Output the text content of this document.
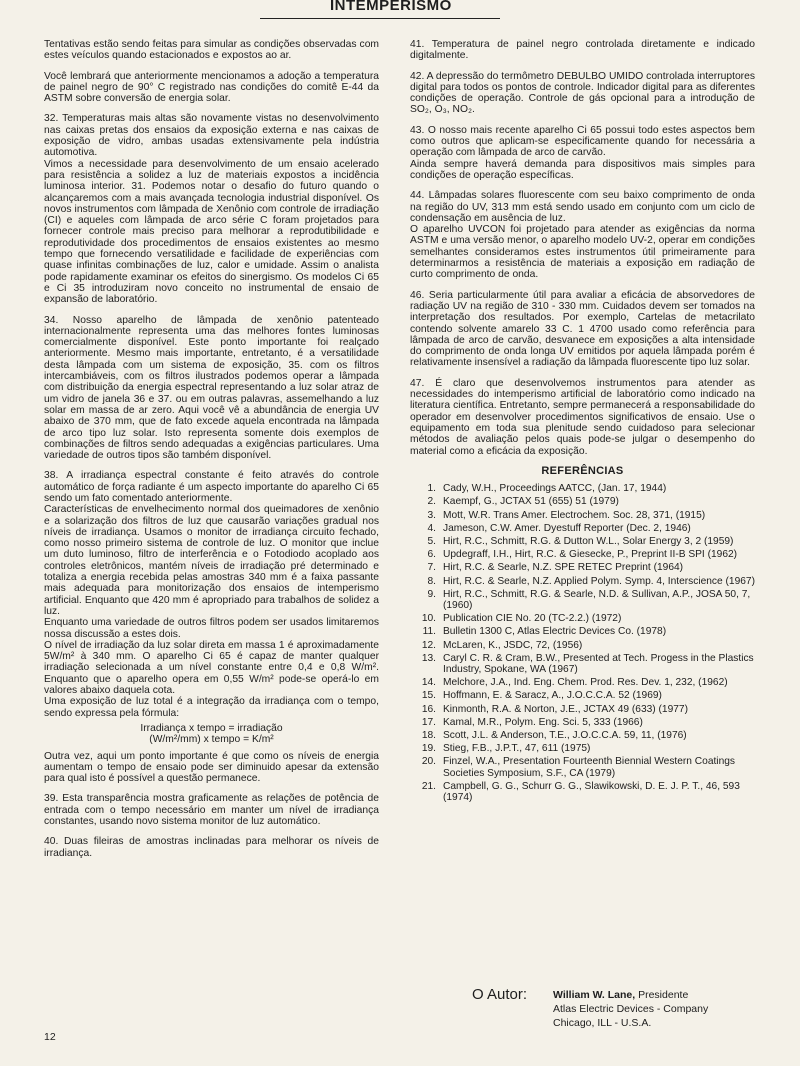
INTEMPERISMO

Tentativas estão sendo feitas para simular as condições observadas com estes veículos quando estacionados e expostos ao ar.

Você lembrará que anteriormente mencionamos a adoção a temperatura de painel negro de 90° C registrado nas condições do comitê E-44 da ASTM sobre conversão de energia solar.

32. Temperaturas mais altas são novamente vistas no desenvolvimento nas caixas pretas dos ensaios da exposição externa e nas caixas de exposição de vidro, ambas usadas extensivamente pela indústria automotiva.

Vimos a necessidade para desenvolvimento de um ensaio acelerado para resistência a solidez a luz de materiais expostos a incidência luminosa interior. 31. Podemos notar o desafio do futuro quando o alcançaremos com a mais avançada tecnologia industrial disponível. Os novos instrumentos com lâmpada de Xenônio com controle de irradiação (CI) e aqueles com lâmpada de arco série C foram projetados para fornecer controle mais preciso para melhorar a reprodutibilidade e reprodutividade dos procedimentos de ensaios existentes ao mesmo tempo que fornecendo versatilidade e facilidade de experiências com quase infinitas combinações de luz, calor e umidade. Assim o analista pode rapidamente examinar os efeitos do sinergismo. Os modelos Ci 65 e Ci 35 introduziram novo conceito no instrumental de ensaio de expansão de laboratório.

34. Nosso aparelho de lâmpada de xenônio patenteado internacionalmente representa uma das melhores fontes luminosas comercialmente disponível. Este ponto importante foi realçado anteriormente. Mesmo mais importante, entretanto, é a versatilidade desta lâmpada com um sistema de exposição, 35. com os filtros intercambiáveis, com os filtros ilustrados podemos operar a lâmpada com distribuição da energia espectral representando a luz solar atraz de um vidro de janela 36 e 37. ou em outras palavras, assemelhando a luz solar em massa de ar zero. Aqui você vê a abundância de energia UV abaixo de 370 mm, que de fato excede aquela encontrada na lâmpada de arco tipo luz solar. Isto representa somente dois exemplos de combinações de filtros sendo adequadas a exigências particulares. Uma variedade de outros tipos são também disponível.

38. A irradiança espectral constante é feito através do controle automático de força radiante é um aspecto importante do aparelho Ci 65 sendo um fato comentado anteriormente.

Características de envelhecimento normal dos queimadores de xenônio e a solarização dos filtros de luz que causarão variações gradual nos níveis de irradiança. Usamos o monitor de irradiança circuito fechado, como nosso primeiro sistema de controle de luz. O monitor que inclue um duto luminoso, filtro de interferência e o Fotodiodo acoplado aos controles eletrônicos, mantém níveis de irradiação pré determinado e totaliza a energia recebida pelas amostras 340 mm é a faixa passante mais adequada para monitorização dos ensaios de intemperismo artificial. Enquanto que 420 mm é apropriado para trabalhos de solidez a luz.

Enquanto uma variedade de outros filtros podem ser usados limitaremos nossa discussão a estes dois.

O nível de irradiação da luz solar direta em massa 1 é aproximadamente 5W/m² à 340 mm. O aparelho Ci 65 é capaz de manter qualquer irradiação selecionada a um nível constante entre 0,4 e 0,8 W/m². Enquanto que o aparelho opera em 0,55 W/m² pode-se operá-lo em valores abaixo daquela cota.

Uma exposição de luz total é a integração da irradiança com o tempo, sendo expressa pela fórmula:

Irradiança x tempo = irradiação
(W/m²/mm) x tempo = K/m²

Outra vez, aqui um ponto importante é que como os níveis de energia aumentam o tempo de ensaio pode ser diminuido apesar da extensão para qual isto é possível a questão permanece.

39. Esta transparência mostra graficamente as relações de potência de entrada com o tempo necessário em manter um nível de irradiança constantes, usando novo sistema monitor de luz automático.

40. Duas fileiras de amostras inclinadas para melhorar os níveis de irradiança.

41. Temperatura de painel negro controlada diretamente e indicado digitalmente.

42. A depressão do termômetro DEBULBO UMIDO controlada interruptores digital para todos os pontos de controle. Indicador digital para as diferentes condições de operação. Controle de gás opcional para a introdução de SO₂, O₃, NO₂.

43. O nosso mais recente aparelho Ci 65 possui todo estes aspectos bem como outros que aplicam-se especificamente quando for necessária a operação com lâmpada de arco de carvão.

Ainda sempre haverá demanda para dispositivos mais simples para condições de operação específicas.

44. Lâmpadas solares fluorescente com seu baixo comprimento de onda na região do UV, 313 mm está sendo usado em conjunto com um ciclo de condensação em ausência de luz.

O aparelho UVCON foi projetado para atender as exigências da norma ASTM e uma versão menor, o aparelho modelo UV-2, operar em condições semelhantes consideramos estes instrumentos útil primeiramente para determinarmos a resistência de materiais a exposição em radiação de curto comprimento de onda.

46. Seria particularmente útil para avaliar a eficácia de absorvedores de radiação UV na região de 310 - 330 mm. Cuidados devem ser tomados na interpretação dos resultados. Por exemplo, Cartelas de metacrilato contendo solvente amarelo 33 C. 1 4700 usado como referência para lâmpada de arco de carvão, desvanece em exposições a alta intensidade do comprimento de onda longa UV emitidos por aquela lâmpada porém é relativamente insensível a radiação da lâmpada fluorescente tipo luz solar.

47. É claro que desenvolvemos instrumentos para atender as necessidades do intemperismo artificial de laboratório como indicado na literatura científica. Entretanto, sempre permanecerá a responsabilidade do operador em desenvolver procedimentos significativos de ensaio. Use o equipamento em toda sua plenitude sendo cuidadoso para selecionar métodos de avaliação pelos quais pode-se julgar o desempenho do material como a eficácia da exposição.

REFERÊNCIAS
1. Cady, W.H., Proceedings AATCC, (Jan. 17, 1944)
2. Kaempf, G., JCTAX 51 (655) 51 (1979)
3. Mott, W.R. Trans Amer. Electrochem. Soc. 28, 371, (1915)
4. Jameson, C.W. Amer. Dyestuff Reporter (Dec. 2, 1946)
5. Hirt, R.C., Schmitt, R.G. & Dutton W.L., Solar Energy 3, 2 (1959)
6. Updegraff, I.H., Hirt, R.C. & Giesecke, P., Preprint II-B SPI (1962)
7. Hirt, R.C. & Searle, N.Z. SPE RETEC Preprint (1964)
8. Hirt, R.C. & Searle, N.Z. Applied Polym. Symp. 4, Interscience (1967)
9. Hirt, R.C., Schmitt, R.G. & Searle, N.D. & Sullivan, A.P., JOSA 50, 7, (1960)
10. Publication CIE No. 20 (TC-2.2.) (1972)
11. Bulletin 1300 C, Atlas Electric Devices Co. (1978)
12. McLaren, K., JSDC, 72, (1956)
13. Caryl C. R. & Cram, B.W., Presented at Tech. Progess in the Plastics Industry, Spokane, WA (1967)
14. Melchore, J.A., Ind. Eng. Chem. Prod. Res. Dev. 1, 232, (1962)
15. Hoffmann, E. & Saracz, A., J.O.C.C.A. 52 (1969)
16. Kinmonth, R.A. & Norton, J.E., JCTAX 49 (633) (1977)
17. Kamal, M.R., Polym. Eng. Sci. 5, 333 (1966)
18. Scott, J.L. & Anderson, T.E., J.O.C.C.A. 59, 11, (1976)
19. Stieg, F.B., J.P.T., 47, 611 (1975)
20. Finzel, W.A., Presentation Fourteenth Biennial Western Coatings Societies Symposium, S.F., CA (1979)
21. Campbell, G. G., Schurr G. G., Slawikowski, D. E. J. P. T., 46, 593 (1974)
O Autor: William W. Lane, Presidente
Atlas Electric Devices - Company
Chicago, ILL - U.S.A.
12
